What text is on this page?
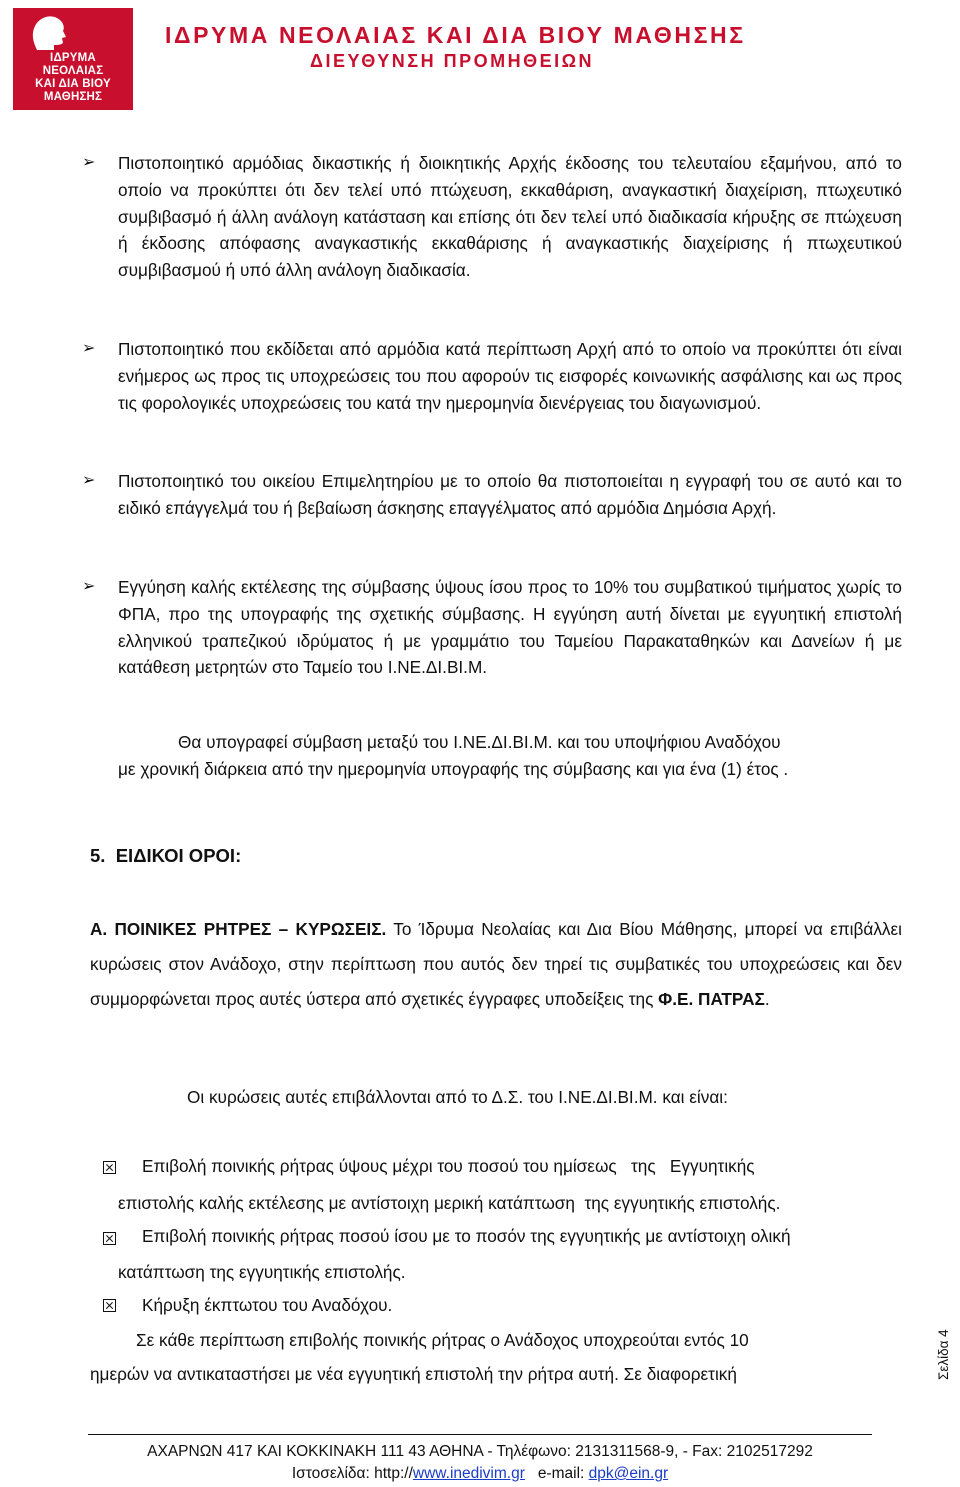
ΙΔΡΥΜΑ
ΝΕΟΛΑΙΑΣ
ΚΑΙ ΔΙΑ ΒΙΟΥ
ΜΑΘΗΣΗΣ
ΙΔΡΥΜΑ ΝΕΟΛΑΙΑΣ ΚΑΙ ΔΙΑ ΒΙΟΥ ΜΑΘΗΣΗΣ
ΔΙΕΥΘΥΝΣΗ ΠΡΟΜΗΘΕΙΩΝ
➢ Πιστοποιητικό αρμόδιας δικαστικής ή διοικητικής Αρχής έκδοσης του τελευταίου εξαμήνου, από το οποίο να προκύπτει ότι δεν τελεί υπό πτώχευση, εκκαθάριση, αναγκαστική διαχείριση, πτωχευτικό συμβιβασμό ή άλλη ανάλογη κατάσταση και επίσης ότι δεν τελεί υπό διαδικασία κήρυξης σε πτώχευση ή έκδοσης απόφασης αναγκαστικής εκκαθάρισης ή αναγκαστικής διαχείρισης ή πτωχευτικού συμβιβασμού ή υπό άλλη ανάλογη διαδικασία.
➢ Πιστοποιητικό που εκδίδεται από αρμόδια κατά περίπτωση Αρχή από το οποίο να προκύπτει ότι είναι ενήμερος ως προς τις υποχρεώσεις του που αφορούν τις εισφορές κοινωνικής ασφάλισης και ως προς τις φορολογικές υποχρεώσεις του κατά την ημερομηνία διενέργειας του διαγωνισμού.
➢ Πιστοποιητικό του οικείου Επιμελητηρίου με το οποίο θα πιστοποιείται η εγγραφή του σε αυτό και το ειδικό επάγγελμά του ή βεβαίωση άσκησης επαγγέλματος από αρμόδια Δημόσια Αρχή.
➢ Εγγύηση καλής εκτέλεσης της σύμβασης ύψους ίσου προς το 10% του συμβατικού τιμήματος χωρίς το ΦΠΑ, προ της υπογραφής της σχετικής σύμβασης. Η εγγύηση αυτή δίνεται με εγγυητική επιστολή ελληνικού τραπεζικού ιδρύματος ή με γραμμάτιο του Ταμείου Παρακαταθηκών και Δανείων ή με κατάθεση μετρητών στο Ταμείο του Ι.ΝΕ.ΔΙ.ΒΙ.Μ.
Θα υπογραφεί σύμβαση μεταξύ του Ι.ΝΕ.ΔΙ.ΒΙ.Μ. και του υποψήφιου Αναδόχου
με χρονική διάρκεια από την ημερομηνία υπογραφής της σύμβασης και για ένα (1) έτος .
5.  ΕΙΔΙΚΟΙ ΟΡΟΙ:
Α. ΠΟΙΝΙΚΕΣ ΡΗΤΡΕΣ – ΚΥΡΩΣΕΙΣ. Το Ίδρυμα Νεολαίας και Δια Βίου Μάθησης, μπορεί να επιβάλλει κυρώσεις στον Ανάδοχο, στην περίπτωση που αυτός δεν τηρεί τις συμβατικές του υποχρεώσεις και δεν συμμορφώνεται προς αυτές ύστερα από σχετικές έγγραφες υποδείξεις της Φ.Ε. ΠΑΤΡΑΣ.
Οι κυρώσεις αυτές επιβάλλονται από το Δ.Σ. του Ι.ΝΕ.ΔΙ.ΒΙ.Μ. και είναι:
Επιβολή ποινικής ρήτρας ύψους μέχρι του ποσού του ημίσεως   της   Εγγυητικής
επιστολής καλής εκτέλεσης με αντίστοιχη μερική κατάπτωση  της εγγυητικής επιστολής.
Επιβολή ποινικής ρήτρας ποσού ίσου με το ποσόν της εγγυητικής με αντίστοιχη ολική
κατάπτωση της εγγυητικής επιστολής.
Κήρυξη έκπτωτου του Αναδόχου.
Σε κάθε περίπτωση επιβολής ποινικής ρήτρας ο Ανάδοχος υποχρεούται εντός 10
ημερών να αντικαταστήσει με νέα εγγυητική επιστολή την ρήτρα αυτή. Σε διαφορετική	Σελίδα 4
ΑΧΑΡΝΩΝ 417 ΚΑΙ ΚΟΚΚΙΝΑΚΗ 111 43 ΑΘΗΝΑ - Τηλέφωνο: 2131311568-9, - Fax: 2102517292
Ιστοσελίδα: http://www.inedivim.gr e-mail: dpk@ein.gr
